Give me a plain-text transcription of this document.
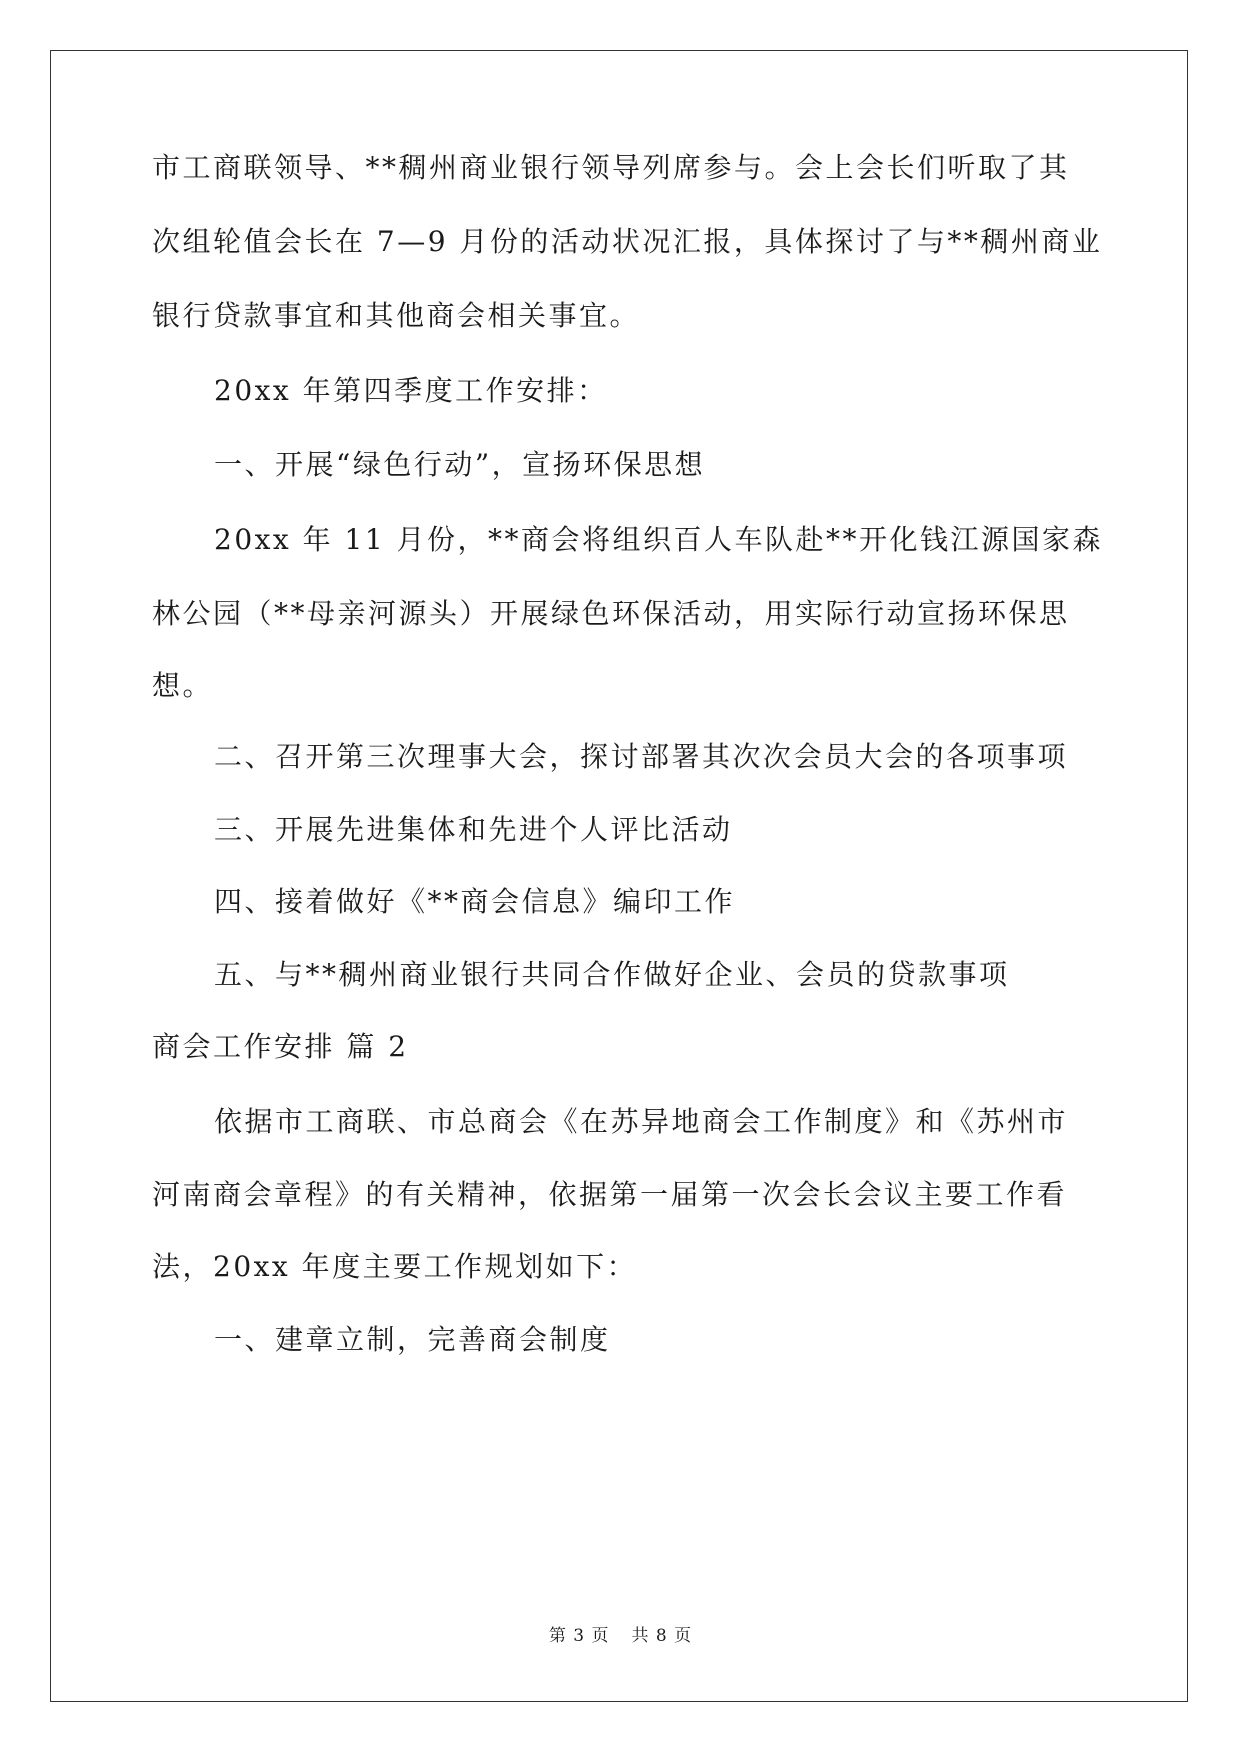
市工商联领导、**稠州商业银行领导列席参与。会上会长们听取了其
次组轮值会长在 7—9 月份的活动状况汇报，具体探讨了与**稠州商业
银行贷款事宜和其他商会相关事宜。
20xx 年第四季度工作安排：
一、开展“绿色行动”，宣扬环保思想
20xx 年 11 月份，**商会将组织百人车队赴**开化钱江源国家森
林公园（**母亲河源头）开展绿色环保活动，用实际行动宣扬环保思
想。
二、召开第三次理事大会，探讨部署其次次会员大会的各项事项
三、开展先进集体和先进个人评比活动
四、接着做好《**商会信息》编印工作
五、与**稠州商业银行共同合作做好企业、会员的贷款事项
商会工作安排 篇 2
依据市工商联、市总商会《在苏异地商会工作制度》和《苏州市
河南商会章程》的有关精神，依据第一届第一次会长会议主要工作看
法，20xx 年度主要工作规划如下：
一、建章立制，完善商会制度
第 3 页 共 8 页
